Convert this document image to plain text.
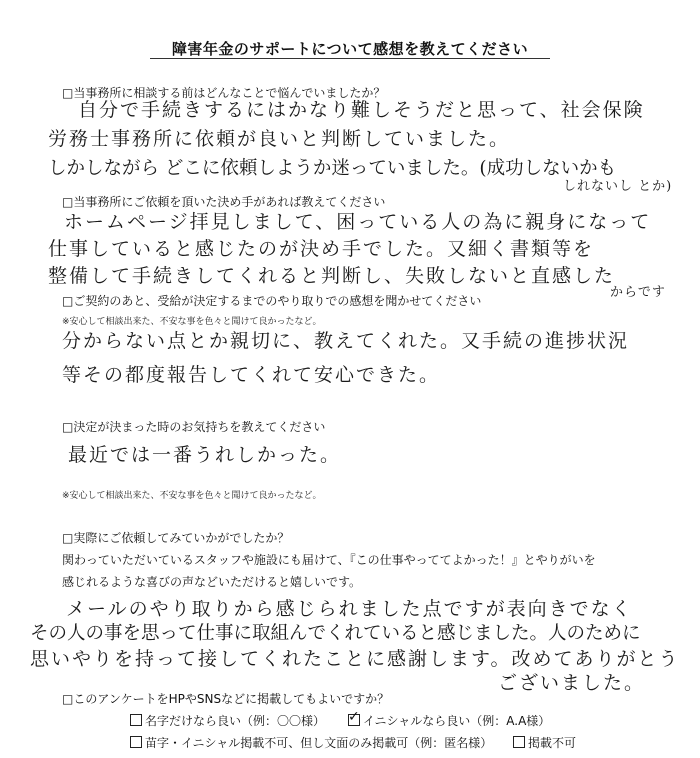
障害年金のサポートについて感想を教えてください
□当事務所に相談する前はどんなことで悩んでいましたか？
自分で手続きするにはかなり難しそうだと思って、社会保険
労務士事務所に依頼が良いと判断していました。
しかしながら どこに依頼しようか迷っていました。(成功しないかも
しれないし とか)
□当事務所にご依頼を頂いた決め手があれば教えてください
ホームページ拝見しまして、困っている人の為に親身になって
仕事していると感じたのが決め手でした。又細く書類等を
整備して手続きしてくれると判断し、失敗しないと直感した
からです
□ご契約のあと、受給が決定するまでのやり取りでの感想を聞かせてください
※安心して相談出来た、不安な事を色々と聞けて良かったなど。
分からない点とか親切に、教えてくれた。又手続の進捗状況
等その都度報告してくれて安心できた。
□決定が決まった時のお気持ちを教えてください
最近では一番うれしかった。
※安心して相談出来た、不安な事を色々と聞けて良かったなど。
□実際にご依頼してみていかがでしたか？
関わっていただいているスタッフや施設にも届けて、『この仕事やっててよかった！』とやりがいを
感じれるような喜びの声などいただけると嬉しいです。
メールのやり取りから感じられました点ですが表向きでなく
その人の事を思って仕事に取組んでくれていると感じました。人のために
思いやりを持って接してくれたことに感謝します。改めてありがとう
ございました。
□このアンケートをHPやSNSなどに掲載してもよいですか？
名字だけなら良い（例：〇〇様）
✓	イニシャルなら良い（例：A.A様）
苗字・イニシャル掲載不可、但し文面のみ掲載可（例：匿名様）	掲載不可
